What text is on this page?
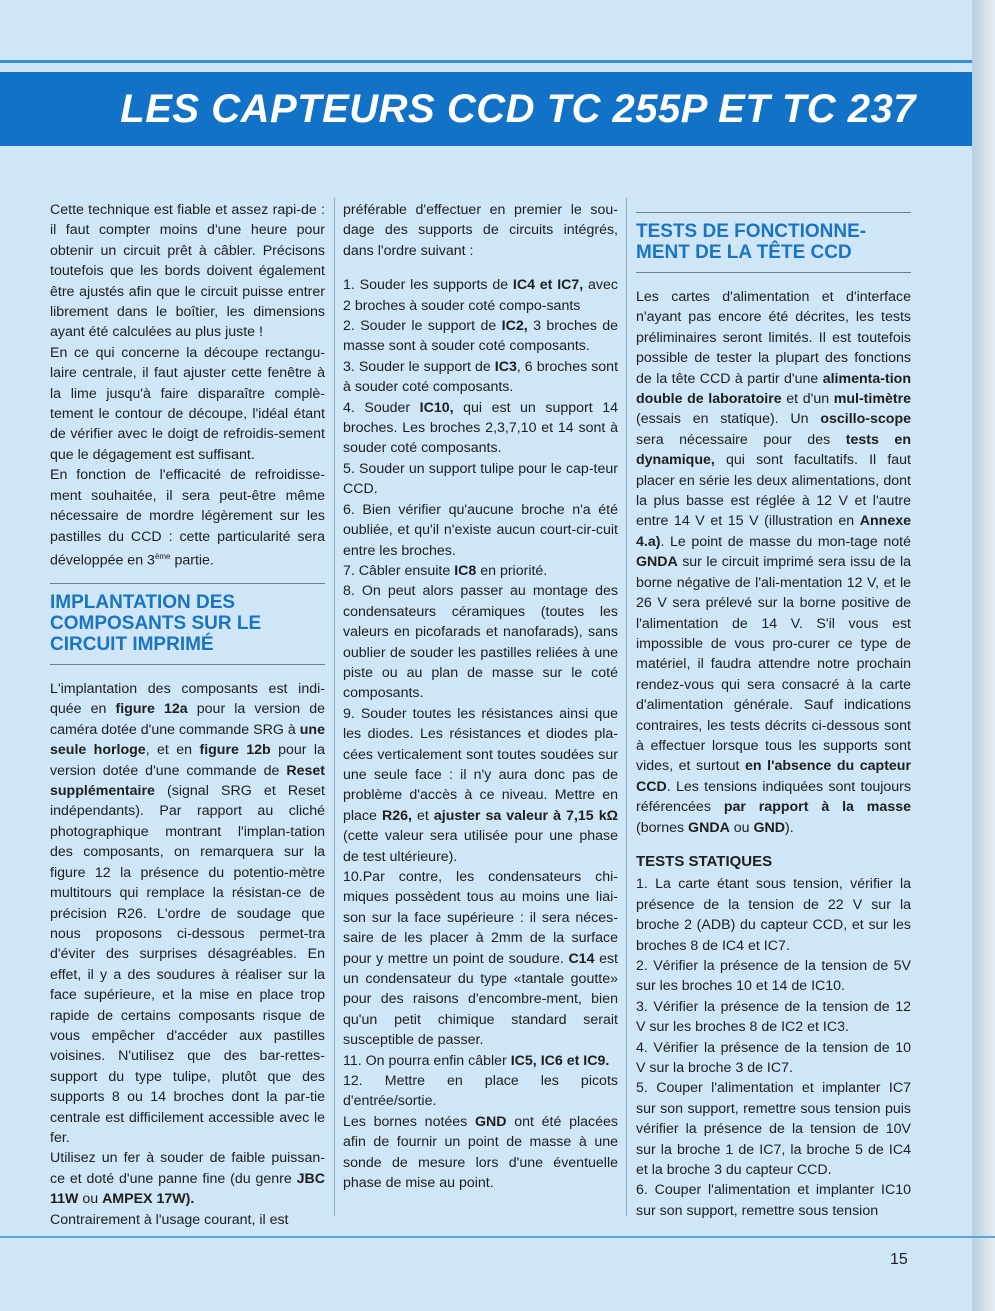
LES CAPTEURS CCD TC 255P ET TC 237

Cette technique est fiable et assez rapi-de : il faut compter moins d'une heure pour obtenir un circuit prêt à câbler. Précisons toutefois que les bords doivent également être ajustés afin que le circuit puisse entrer librement dans le boîtier, les dimensions ayant été calculées au plus juste !

En ce qui concerne la découpe rectangu-laire centrale, il faut ajuster cette fenêtre à la lime jusqu'à faire disparaître complè-tement le contour de découpe, l'idéal étant de vérifier avec le doigt de refroidis-sement que le dégagement est suffisant.

En fonction de l'efficacité de refroidisse-ment souhaitée, il sera peut-être même nécessaire de mordre légèrement sur les pastilles du CCD : cette particularité sera développée en 3ème partie.

IMPLANTATION DES COMPOSANTS SUR LE CIRCUIT IMPRIMÉ

L'implantation des composants est indi-quée en figure 12a pour la version de caméra dotée d'une commande SRG à une seule horloge, et en figure 12b pour la version dotée d'une commande de Reset supplémentaire (signal SRG et Reset indépendants). Par rapport au cliché photographique montrant l'implan-tation des composants, on remarquera sur la figure 12 la présence du potentio-mètre multitours qui remplace la résistan-ce de précision R26. L'ordre de soudage que nous proposons ci-dessous permet-tra d'éviter des surprises désagréables. En effet, il y a des soudures à réaliser sur la face supérieure, et la mise en place trop rapide de certains composants risque de vous empêcher d'accéder aux pastilles voisines. N'utilisez que des bar-rettes-support du type tulipe, plutôt que des supports 8 ou 14 broches dont la par-tie centrale est difficilement accessible avec le fer.

Utilisez un fer à souder de faible puissan-ce et doté d'une panne fine (du genre JBC 11W ou AMPEX 17W).

Contrairement à l'usage courant, il est

préférable d'effectuer en premier le sou-dage des supports de circuits intégrés, dans l'ordre suivant :

1. Souder les supports de IC4 et IC7, avec 2 broches à souder coté compo-sants

2. Souder le support de IC2, 3 broches de masse sont à souder coté composants.

3. Souder le support de IC3, 6 broches sont à souder coté composants.

4. Souder IC10, qui est un support 14 broches. Les broches 2,3,7,10 et 14 sont à souder coté composants.

5. Souder un support tulipe pour le cap-teur CCD.

6. Bien vérifier qu'aucune broche n'a été oubliée, et qu'il n'existe aucun court-cir-cuit entre les broches.

7. Câbler ensuite IC8 en priorité.

8. On peut alors passer au montage des condensateurs céramiques (toutes les valeurs en picofarads et nanofarads), sans oublier de souder les pastilles reliées à une piste ou au plan de masse sur le coté composants.

9. Souder toutes les résistances ainsi que les diodes. Les résistances et diodes pla-cées verticalement sont toutes soudées sur une seule face : il n'y aura donc pas de problème d'accès à ce niveau. Mettre en place R26, et ajuster sa valeur à 7,15 kΩ (cette valeur sera utilisée pour une phase de test ultérieure).

10.Par contre, les condensateurs chi-miques possèdent tous au moins une liai-son sur la face supérieure : il sera néces-saire de les placer à 2mm de la surface pour y mettre un point de soudure. C14 est un condensateur du type «tantale goutte» pour des raisons d'encombre-ment, bien qu'un petit chimique standard serait susceptible de passer.

11. On pourra enfin câbler IC5, IC6 et IC9.

12. Mettre en place les picots d'entrée/sortie.

Les bornes notées GND ont été placées afin de fournir un point de masse à une sonde de mesure lors d'une éventuelle phase de mise au point.

TESTS DE FONCTIONNE-MENT DE LA TÊTE CCD

Les cartes d'alimentation et d'interface n'ayant pas encore été décrites, les tests préliminaires seront limités. Il est toutefois possible de tester la plupart des fonctions de la tête CCD à partir d'une alimenta-tion double de laboratoire et d'un mul-timètre (essais en statique). Un oscillo-scope sera nécessaire pour des tests en dynamique, qui sont facultatifs. Il faut placer en série les deux alimentations, dont la plus basse est réglée à 12 V et l'autre entre 14 V et 15 V (illustration en Annexe 4.a). Le point de masse du mon-tage noté GNDA sur le circuit imprimé sera issu de la borne négative de l'ali-mentation 12 V, et le 26 V sera prélevé sur la borne positive de l'alimentation de 14 V. S'il vous est impossible de vous pro-curer ce type de matériel, il faudra attendre notre prochain rendez-vous qui sera consacré à la carte d'alimentation générale. Sauf indications contraires, les tests décrits ci-dessous sont à effectuer lorsque tous les supports sont vides, et surtout en l'absence du capteur CCD. Les tensions indiquées sont toujours référencées par rapport à la masse (bornes GNDA ou GND).

TESTS STATIQUES

1. La carte étant sous tension, vérifier la présence de la tension de 22 V sur la broche 2 (ADB) du capteur CCD, et sur les broches 8 de IC4 et IC7.

2. Vérifier la présence de la tension de 5V sur les broches 10 et 14 de IC10.

3. Vérifier la présence de la tension de 12 V sur les broches 8 de IC2 et IC3.

4. Vérifier la présence de la tension de 10 V sur la broche 3 de IC7.

5. Couper l'alimentation et implanter IC7 sur son support, remettre sous tension puis vérifier la présence de la tension de 10V sur la broche 1 de IC7, la broche 5 de IC4 et la broche 3 du capteur CCD.

6. Couper l'alimentation et implanter IC10 sur son support, remettre sous tension

15
